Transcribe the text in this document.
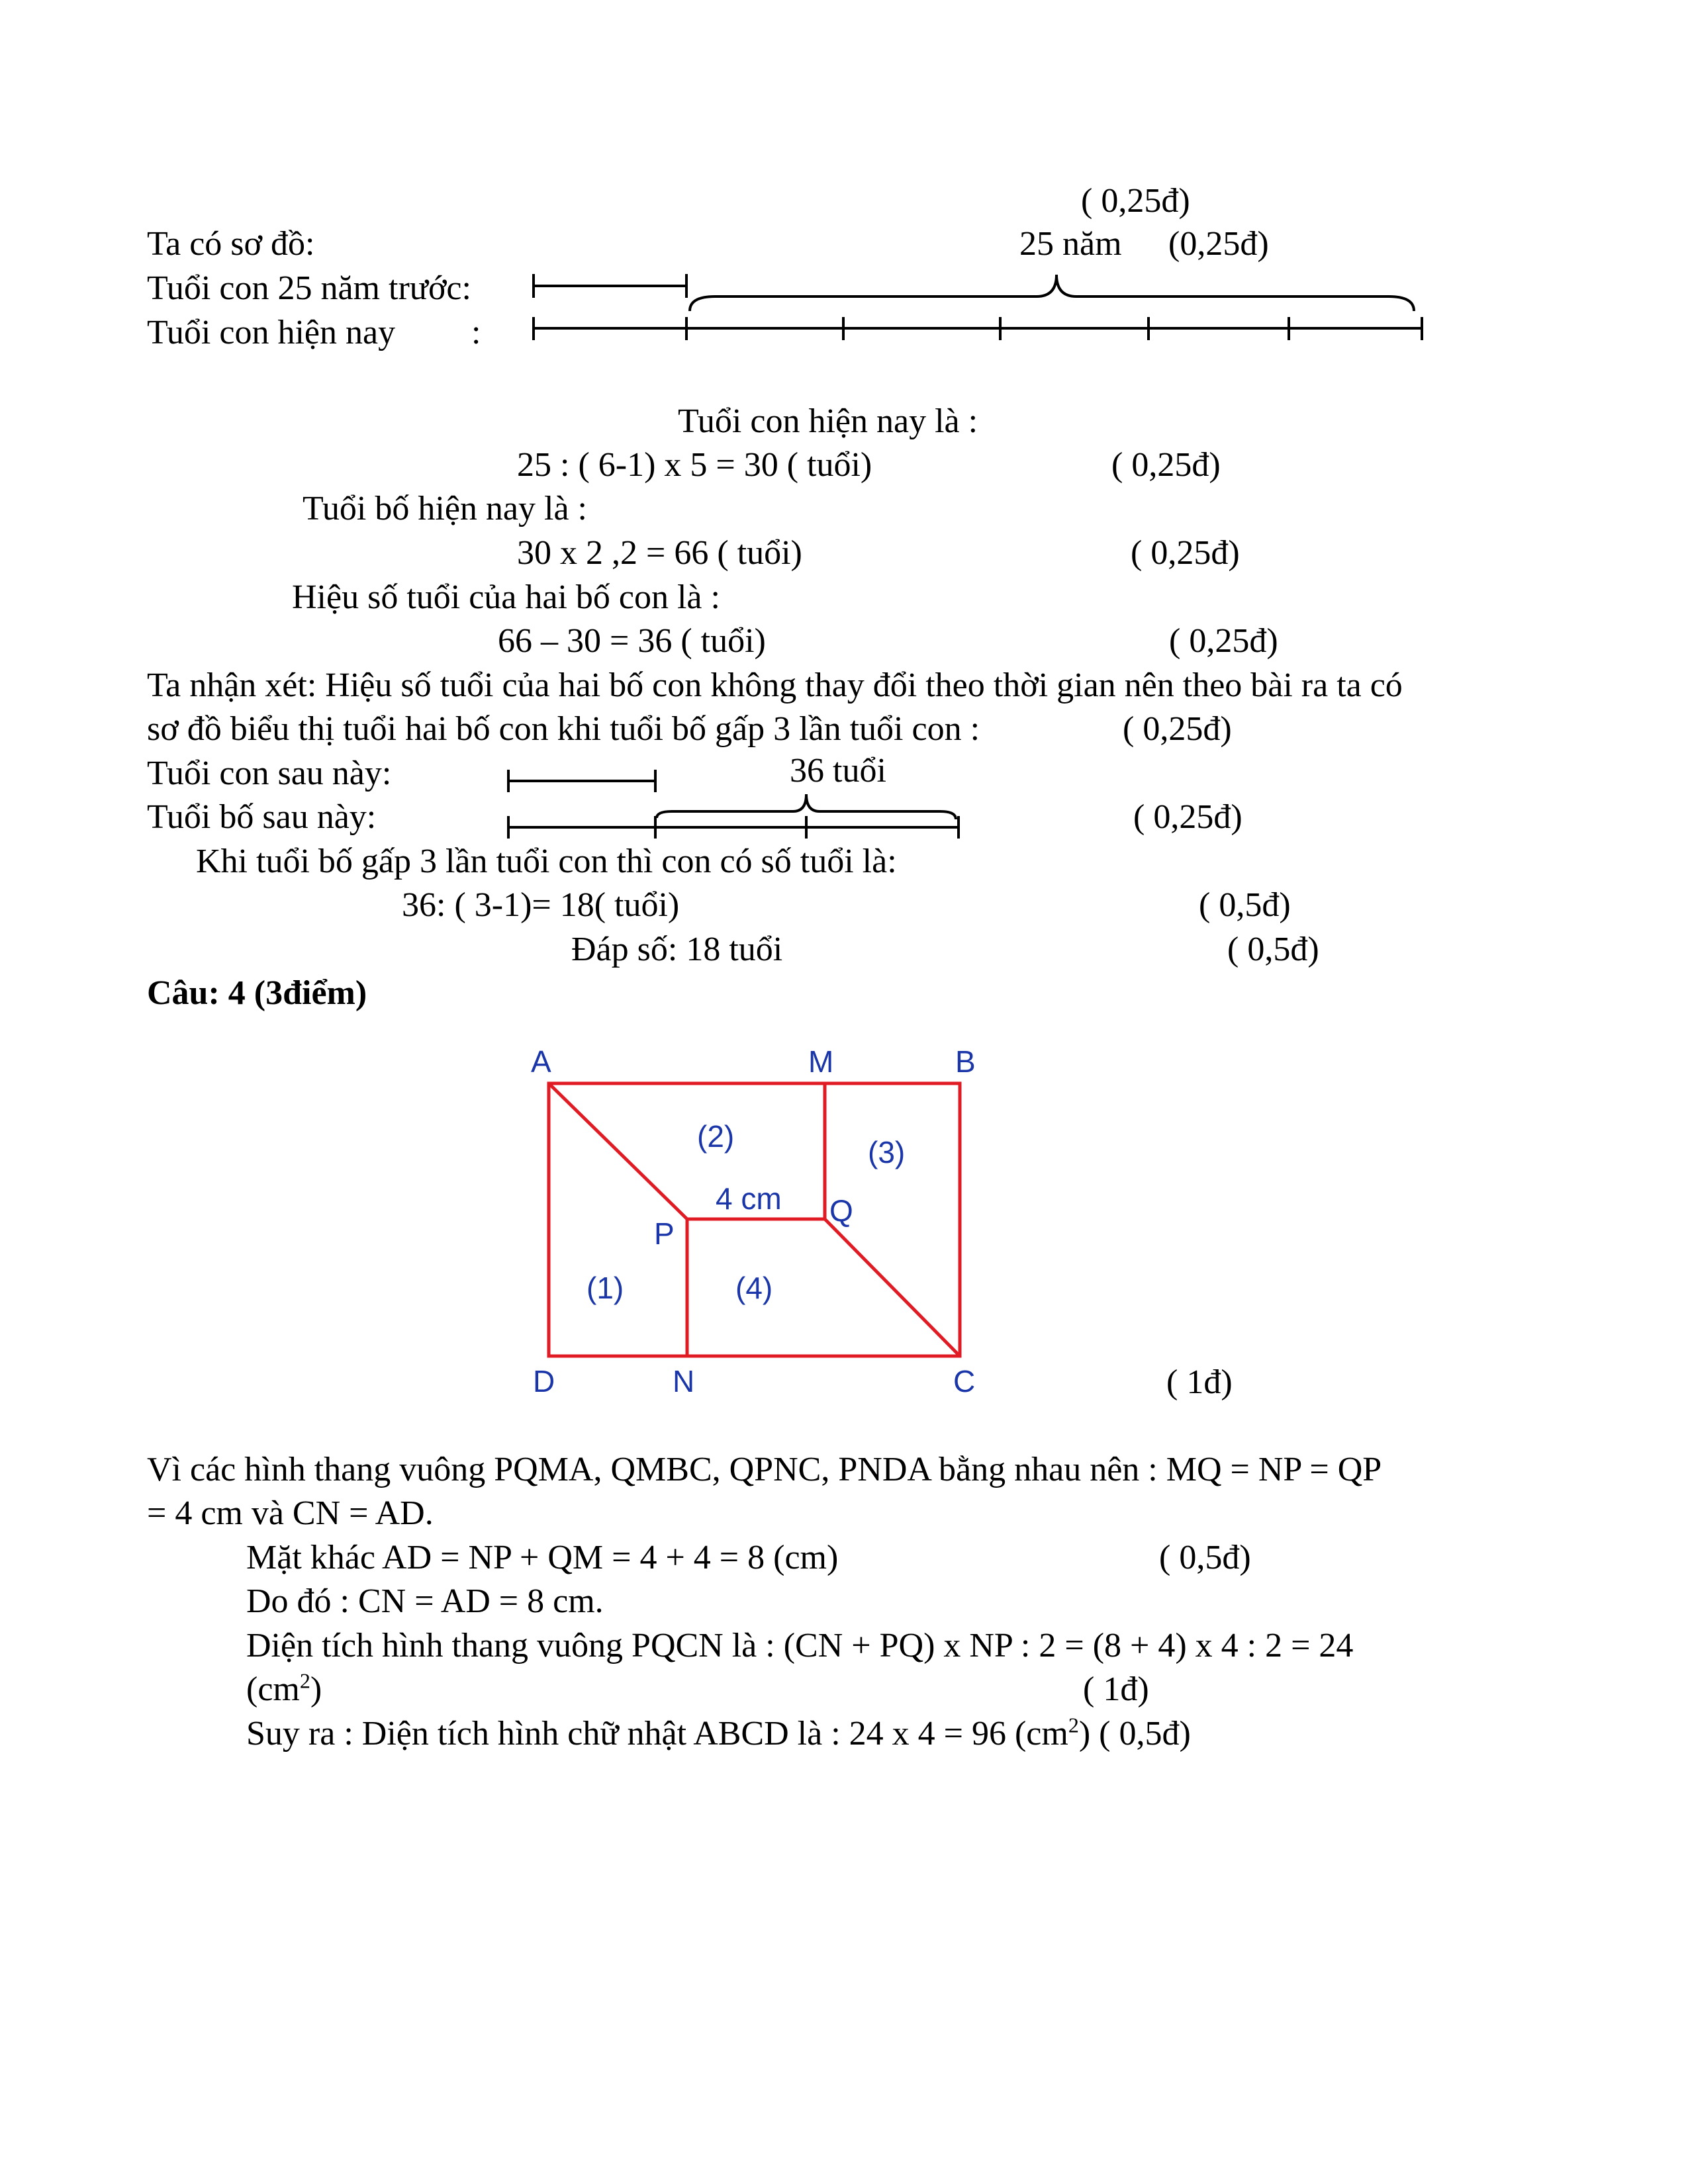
( 0,25đ)
Ta có sơ đồ:	25 năm (0,25đ)
Tuổi con 25 năm trước:
Tuổi con hiện nay :
Tuổi con hiện nay là :
25 : ( 6-1) x 5 = 30 ( tuổi)	( 0,25đ)
Tuổi bố hiện nay là :
30 x 2 ,2 = 66 ( tuổi)	( 0,25đ)
Hiệu số tuổi của hai bố con là :
66 – 30 = 36 ( tuổi)	( 0,25đ)
Ta nhận xét: Hiệu số tuổi của hai bố con không thay đổi theo thời gian nên theo bài ra ta có
sơ đồ biểu thị tuổi hai bố con khi tuổi bố gấp 3 lần tuổi con :	( 0,25đ)
Tuổi con sau này:	36 tuổi
Tuổi bố sau này:	( 0,25đ)
Khi tuổi bố gấp 3 lần tuổi con thì con có số tuổi là:
36: ( 3-1)= 18( tuổi)	( 0,5đ)
Đáp số: 18 tuổi	( 0,5đ)
Câu: 4 (3điểm)
A	M	B
P
Q
D	N	C
(1)
(2)	(3)
(4)
4 cm
( 1đ)
Vì các hình thang vuông PQMA, QMBC, QPNC, PNDA bằng nhau nên : MQ = NP = QP
= 4 cm và CN = AD.
Mặt khác AD = NP + QM = 4 + 4 = 8 (cm)	( 0,5đ)
Do đó : CN = AD = 8 cm.
Diện tích hình thang vuông PQCN là : (CN + PQ) x NP : 2 = (8 + 4) x 4 : 2 = 24
$(cm^2)$	( 1đ)
Suy ra : Diện tích hình chữ nhật ABCD là : 24 x 4 = 96 $(cm^2)$ ( 0,5đ)
